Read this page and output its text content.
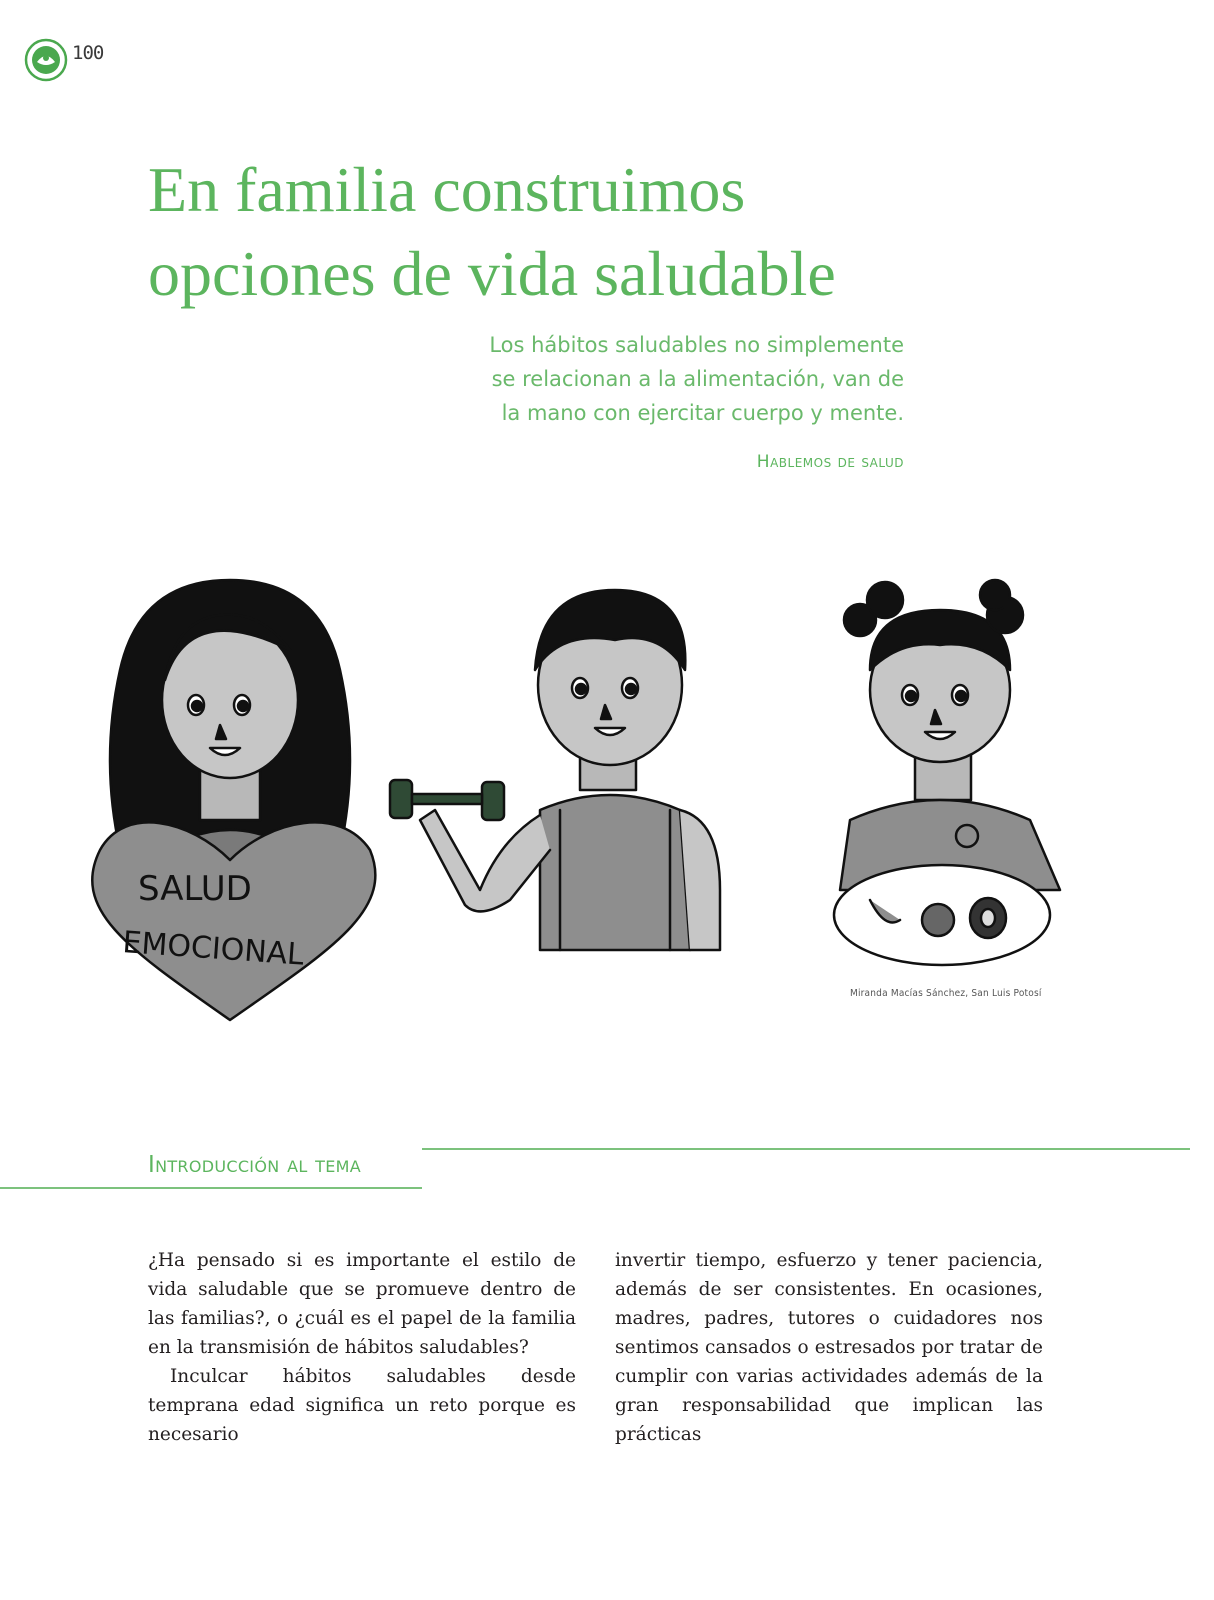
100
En familia construimos
opciones de vida saludable
Los hábitos saludables no simplemente
se relacionan a la alimentación, van de
la mano con ejercitar cuerpo y mente.
Hablemos de salud
SALUD
EMOCIONAL
Miranda Macías Sánchez, San Luis Potosí
Introducción al tema

¿Ha pensado si es importante el estilo de vida saludable que se promueve dentro de las familias?, o ¿cuál es el papel de la familia en la transmisión de hábitos saludables?

Inculcar hábitos saludables desde temprana edad significa un reto porque es necesario

invertir tiempo, esfuerzo y tener paciencia, además de ser consistentes. En ocasiones, madres, padres, tutores o cuidadores nos sentimos cansados o estresados por tratar de cumplir con varias actividades además de la gran responsabilidad que implican las prácticas
